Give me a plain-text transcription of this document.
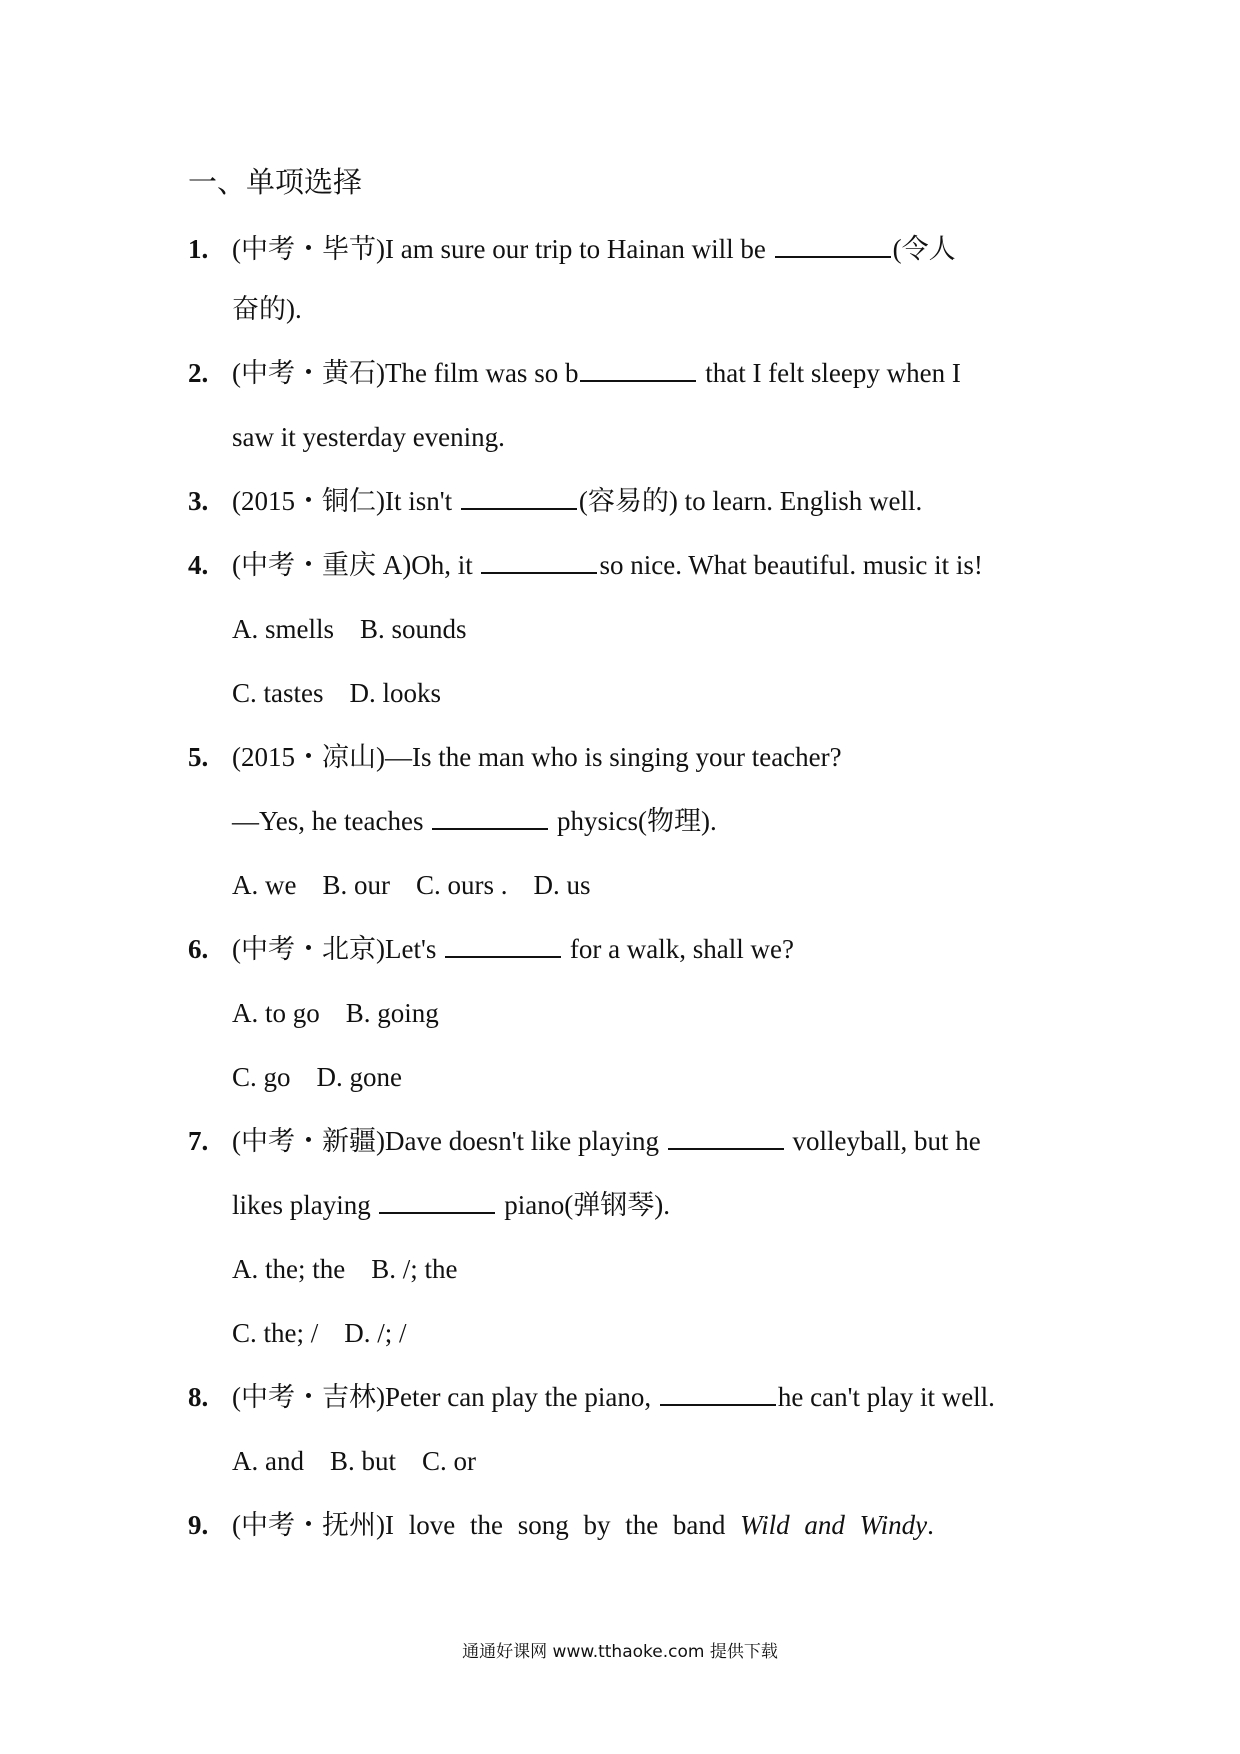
一、单项选择
1. (中考・毕节)I am sure our trip to Hainan will be	(令人
奋的).
2. (中考・黄石)The film was so b	that I felt sleepy when I
saw it yesterday evening.
3. (2015・铜仁)It isn't	(容易的) to learn. English well.
4. (中考・重庆 A)Oh, it	so nice. What beautiful. music it is!
A. smells B. sounds
C. tastes D. looks
5. (2015・凉山)—Is the man who is singing your teacher?
—Yes, he teaches	physics(物理).
A. we B. our C. ours . D. us
6. (中考・北京)Let's	for a walk, shall we?
A. to go B. going
C. go D. gone
7. (中考・新疆)Dave doesn't like playing	volleyball, but he
likes playing	piano(弹钢琴).
A. the; the B. /; the
C. the; / D. /; /
8. (中考・吉林)Peter can play the piano,	he can't play it well.
A. and B. but C. or
9. (中考・抚州)I love the song by the band Wild and Windy.
通通好课网 www.tthaoke.com 提供下载
